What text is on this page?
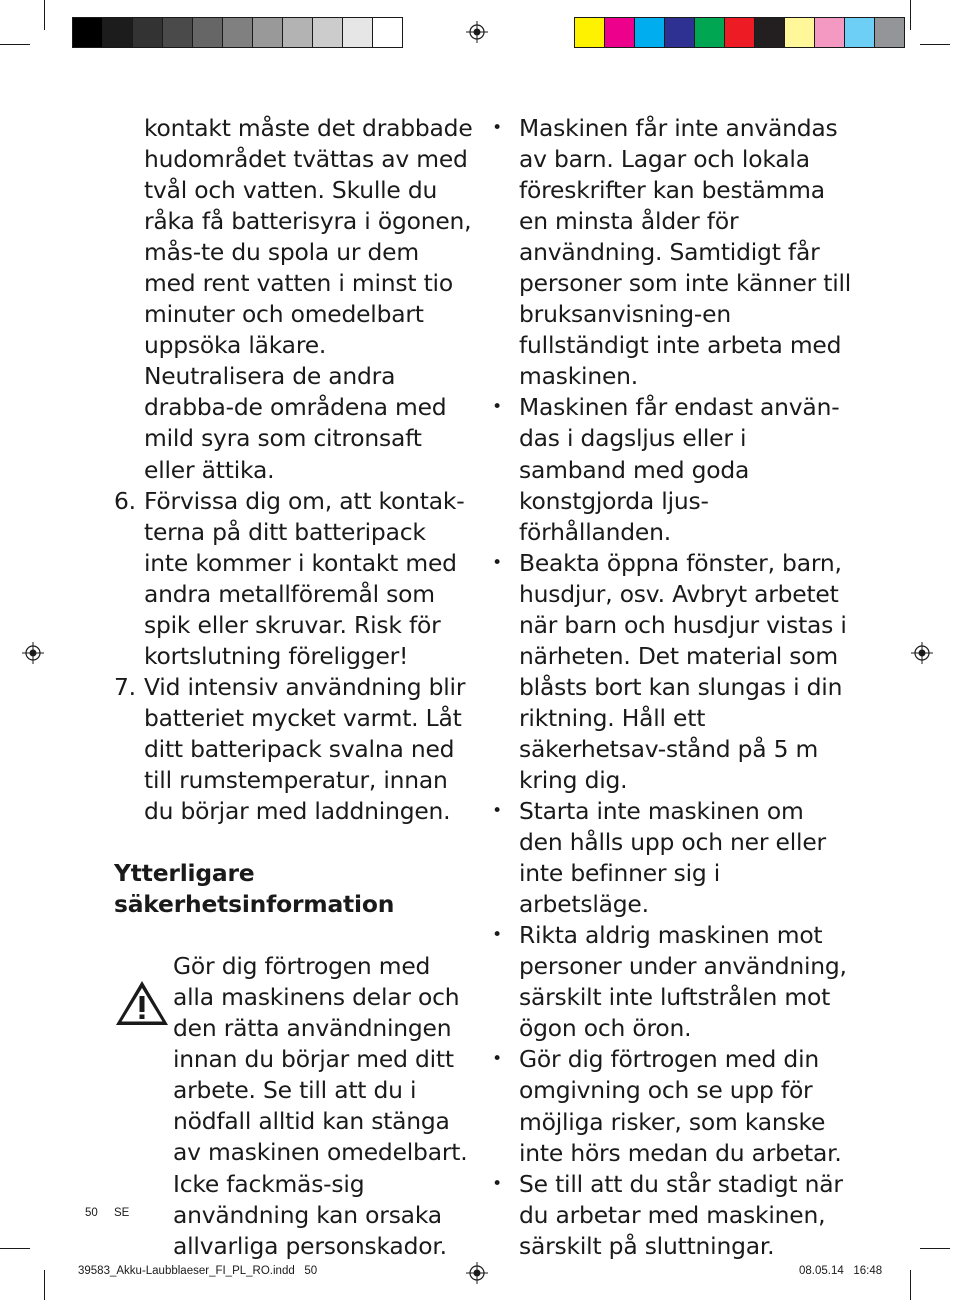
kontakt måste det drabbade hudområdet tvättas av med tvål och vatten. Skulle du råka få batterisyra i ögonen, mås-te du spola ur dem med rent vatten i minst tio minuter och omedelbart uppsöka läkare. Neutralisera de andra drabba-de områdena med mild syra som citronsaft eller ättika.
6. Förvissa dig om, att kontak-terna på ditt batteripack inte kommer i kontakt med andra metallföremål som spik eller skruvar. Risk för kortslutning föreligger!
7. Vid intensiv användning blir batteriet mycket varmt. Låt ditt batteripack svalna ned till rumstemperatur, innan du börjar med laddningen.
Ytterligare
säkerhetsinformation
Gör dig förtrogen med alla maskinens delar och den rätta användningen innan du börjar med ditt arbete. Se till att du i nödfall alltid kan stänga av maskinen omedelbart. Icke fackmäs-sig användning kan orsaka allvarliga personskador.
• Maskinen får inte användas av barn. Lagar och lokala föreskrifter kan bestämma en minsta ålder för användning. Samtidigt får personer som inte känner till bruksanvisning-en fullständigt inte arbeta med maskinen.
• Maskinen får endast använ-das i dagsljus eller i samband med goda konstgjorda ljus-förhållanden.
• Beakta öppna fönster, barn, husdjur, osv. Avbryt arbetet när barn och husdjur vistas i närheten. Det material som blåsts bort kan slungas i din riktning. Håll ett säkerhetsav-stånd på 5 m kring dig.
• Starta inte maskinen om den hålls upp och ner eller inte befinner sig i arbetsläge.
• Rikta aldrig maskinen mot personer under användning, särskilt inte luftstrålen mot ögon och öron.
• Gör dig förtrogen med din omgivning och se upp för möjliga risker, som kanske inte hörs medan du arbetar.
• Se till att du står stadigt när du arbetar med maskinen, särskilt på sluttningar.
50 SE
39583_Akku-Laubblaeser_FI_PL_RO.indd   50	08.05.14   16:48
